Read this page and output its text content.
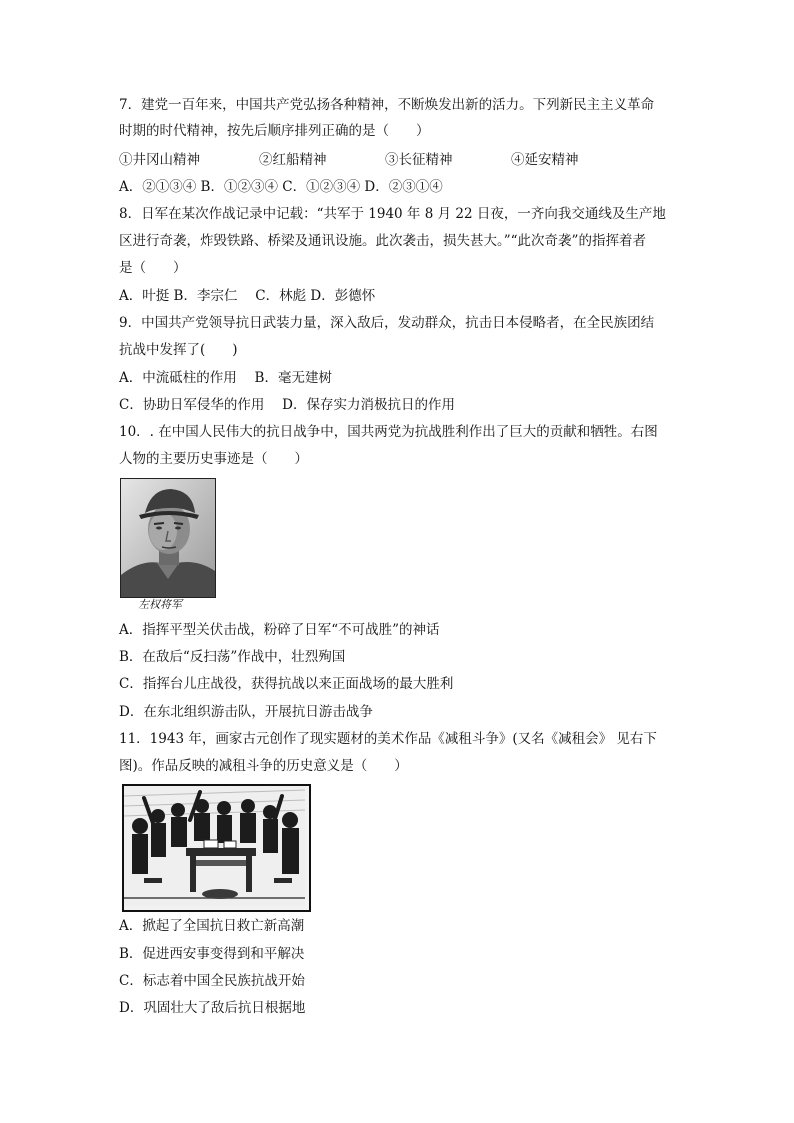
7．建党一百年来，中国共产党弘扬各种精神，不断焕发出新的活力。下列新民主主义革命
时期的时代精神，按先后顺序排列正确的是（　　）
①井冈山精神	②红船精神	③长征精神	④延安精神
A．②①③④ B．①②③④ C．①②③④ D．②③①④
8．日军在某次作战记录中记载：“共军于 1940 年 8 月 22 日夜，一齐向我交通线及生产地
区进行奇袭，炸毁铁路、桥梁及通讯设施。此次袭击，损失甚大。”“此次奇袭”的指挥着者
是（　　）
A．叶挺 B．李宗仁　 C．林彪 D．彭德怀
9．中国共产党领导抗日武装力量，深入敌后，发动群众，抗击日本侵略者，在全民族团结
抗战中发挥了(　　)
A．中流砥柱的作用　 B．毫无建树
C．协助日军侵华的作用　 D．保存实力消极抗日的作用
10．. 在中国人民伟大的抗日战争中，国共两党为抗战胜利作出了巨大的贡献和牺牲。右图
人物的主要历史事迹是（　　）
左权将军
A．指挥平型关伏击战，粉碎了日军“不可战胜”的神话
B．在敌后“反扫荡”作战中，壮烈殉国
C．指挥台儿庄战役，获得抗战以来正面战场的最大胜利
D．在东北组织游击队，开展抗日游击战争
11．1943 年，画家古元创作了现实题材的美术作品《减租斗争》(又名《减租会》 见右下
图)。作品反映的减租斗争的历史意义是（　　）
A．掀起了全国抗日救亡新高潮
B．促进西安事变得到和平解决
C．标志着中国全民族抗战开始
D．巩固壮大了敌后抗日根据地
